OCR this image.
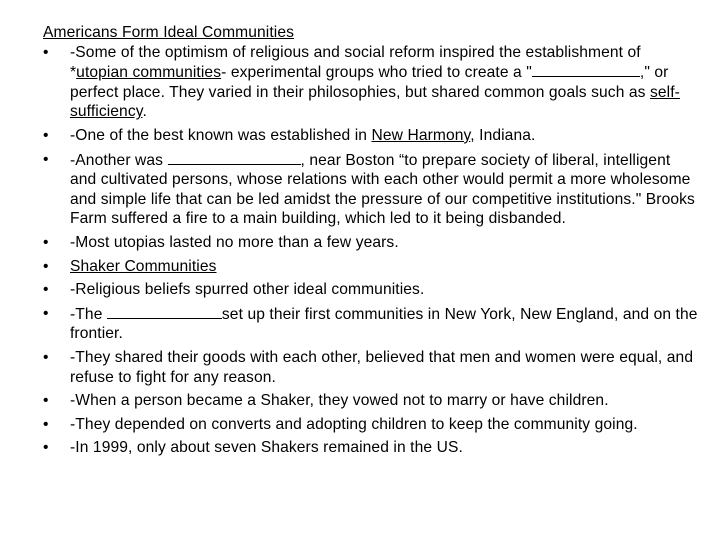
Americans Form Ideal Communities

•	-Some of the optimism of religious and social reform inspired the establishment of *utopian communities- experimental groups who tried to create a "	," or perfect place. They varied in their philosophies, but shared common goals such as self-sufficiency.
•	-One of the best known was established in New Harmony, Indiana.
•	-Another was	, near Boston “to prepare society of liberal, intelligent and cultivated persons, whose relations with each other would permit a more wholesome and simple life that can be led amidst the pressure of our competitive institutions." Brooks Farm suffered a fire to a main building, which led to it being disbanded.
•	-Most utopias lasted no more than a few years.
•	Shaker Communities
•	-Religious beliefs spurred other ideal communities.
•	-The	set up their first communities in New York, New England, and on the frontier.
•	-They shared their goods with each other, believed that men and women were equal, and refuse to fight for any reason.
•	-When a person became a Shaker, they vowed not to marry or have children.
•	-They depended on converts and adopting children to keep the community going.
•	-In 1999, only about seven Shakers remained in the US.
